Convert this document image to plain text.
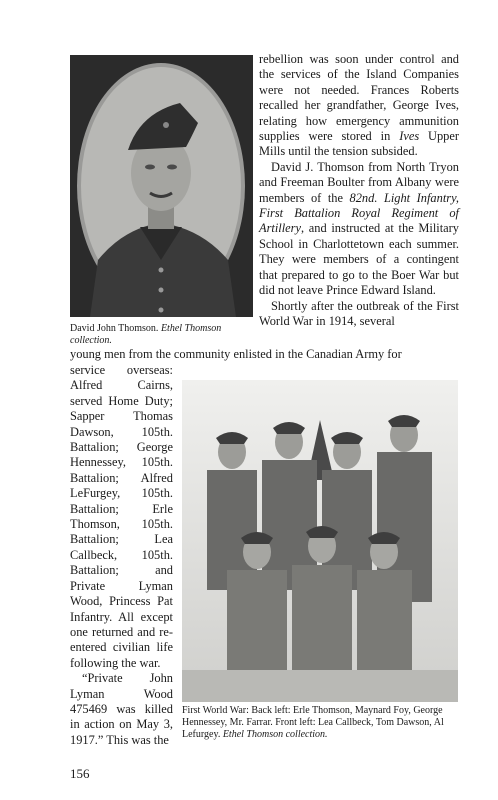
David John Thomson. Ethel Thomson collection.

rebellion was soon under control and the services of the Island Companies were not needed. Frances Roberts recalled her grandfather, George Ives, relating how emergency ammunition supplies were stored in Ives Upper Mills until the tension subsided.

David J. Thomson from North Tryon and Freeman Boulter from Albany were members of the 82nd. Light Infantry, First Battalion Royal Regiment of Artillery, and instructed at the Military School in Charlottetown each summer. They were members of a contingent that prepared to go to the Boer War but did not leave Prince Edward Island.

Shortly after the outbreak of the First World War in 1914, several

young men from the community enlisted in the Canadian Army for

service overseas: Alfred Cairns, served Home Duty; Sapper Thomas Dawson, 105th. Battalion; George Hennessey, 105th. Battalion; Alfred LeFurgey, 105th. Battalion; Erle Thomson, 105th. Battalion; Lea Callbeck, 105th. Battalion; and Private Lyman Wood, Princess Pat Infantry. All except one returned and re-entered civilian life following the war.

“Private John Lyman Wood 475469 was killed in action on May 3, 1917.” This was the

First World War: Back left: Erle Thomson, Maynard Foy, George Hennessey, Mr. Farrar. Front left: Lea Callbeck, Tom Dawson, Al Lefurgey. Ethel Thomson collection.
156
